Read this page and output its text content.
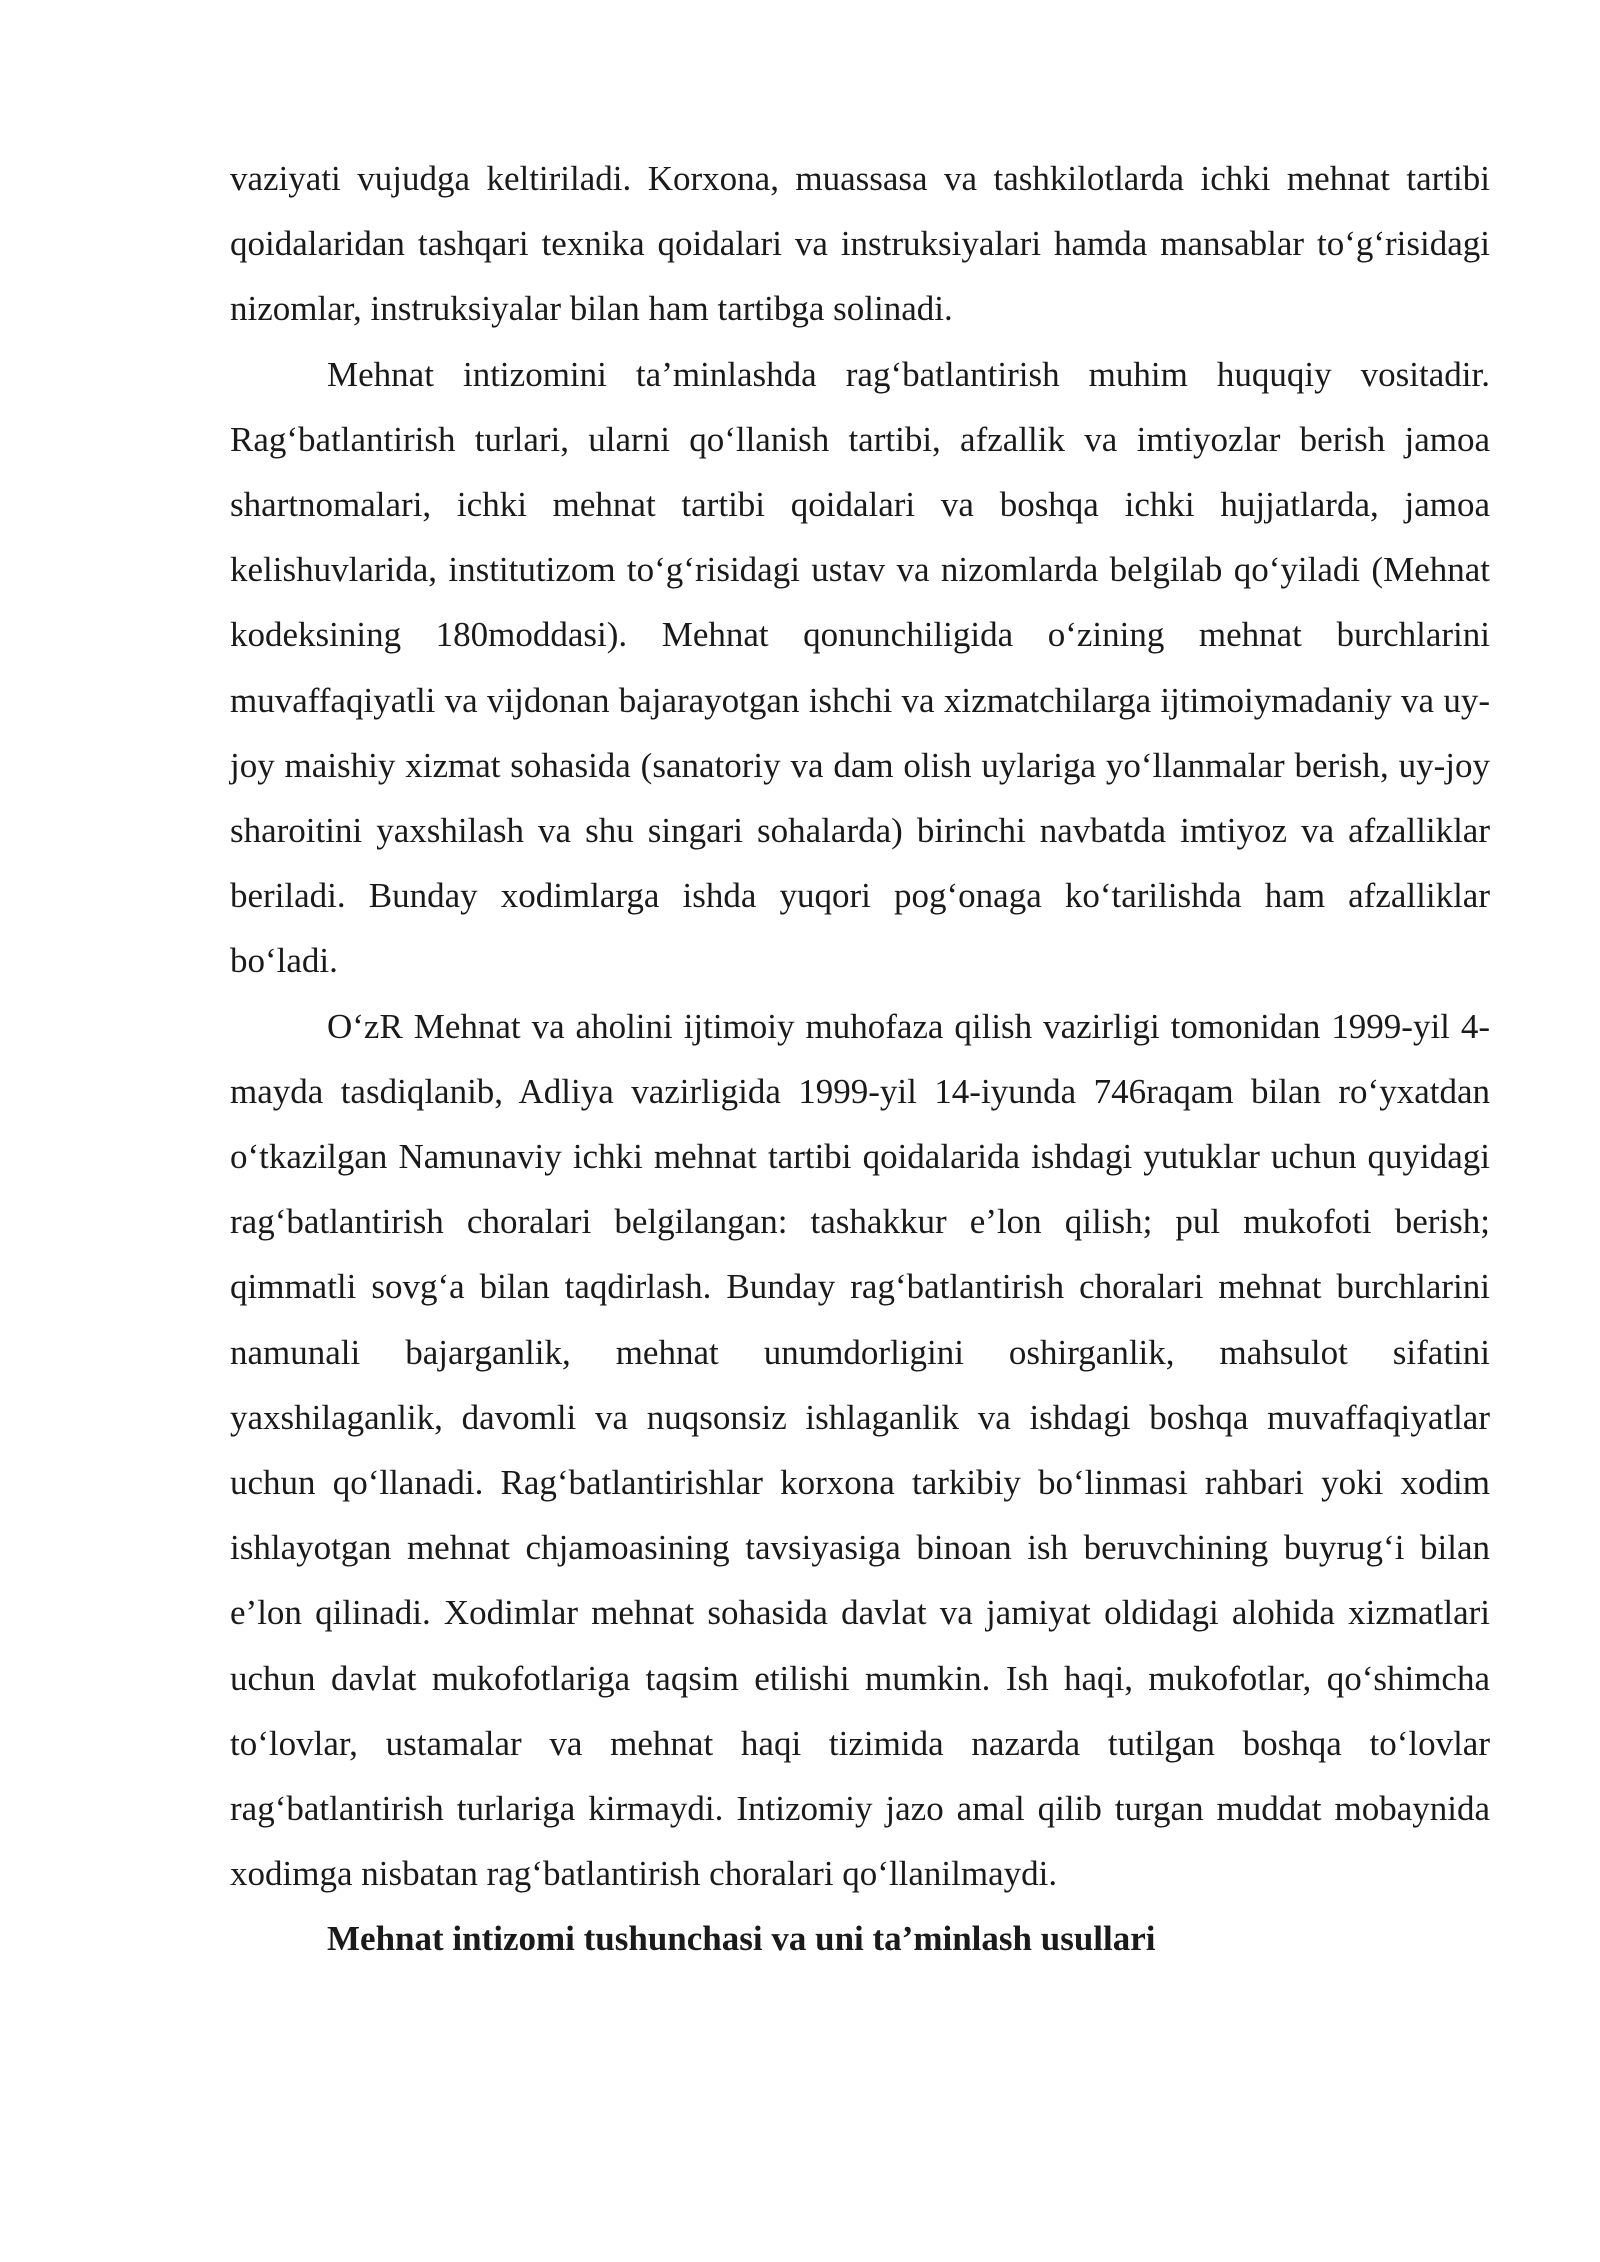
vaziyati vujudga keltiriladi. Korxona, muassasa va tashkilotlarda ichki mehnat tartibi qoidalaridan tashqari texnika qoidalari va instruksiyalari hamda mansablar to‘g‘risidagi nizomlar, instruksiyalar bilan ham tartibga solinadi.

Mehnat intizomini ta’minlashda rag‘batlantirish muhim huquqiy vositadir. Rag‘batlantirish turlari, ularni qo‘llanish tartibi, afzallik va imtiyozlar berish jamoa shartnomalari, ichki mehnat tartibi qoidalari va boshqa ichki hujjatlarda, jamoa kelishuvlarida, institutizom to‘g‘risidagi ustav va nizomlarda belgilab qo‘yiladi (Mehnat kodeksining 180moddasi). Mehnat qonunchiligida o‘zining mehnat burchlarini muvaffaqiyatli va vijdonan bajarayotgan ishchi va xizmatchilarga ijtimoiymadaniy va uy-joy maishiy xizmat sohasida (sanatoriy va dam olish uylariga yo‘llanmalar berish, uy-joy sharoitini yaxshilash va shu singari sohalarda) birinchi navbatda imtiyoz va afzalliklar beriladi. Bunday xodimlarga ishda yuqori pog‘onaga ko‘tarilishda ham afzalliklar bo‘ladi.

O‘zR Mehnat va aholini ijtimoiy muhofaza qilish vazirligi tomonidan 1999-yil 4-mayda tasdiqlanib, Adliya vazirligida 1999-yil 14-iyunda 746raqam bilan ro‘yxatdan o‘tkazilgan Namunaviy ichki mehnat tartibi qoidalarida ishdagi yutuklar uchun quyidagi rag‘batlantirish choralari belgilangan: tashakkur e’lon qilish; pul mukofoti berish; qimmatli sovg‘a bilan taqdirlash. Bunday rag‘batlantirish choralari mehnat burchlarini namunali bajarganlik, mehnat unumdorligini oshirganlik, mahsulot sifatini yaxshilaganlik, davomli va nuqsonsiz ishlaganlik va ishdagi boshqa muvaffaqiyatlar uchun qo‘llanadi. Rag‘batlantirishlar korxona tarkibiy bo‘linmasi rahbari yoki xodim ishlayotgan mehnat chjamoasining tavsiyasiga binoan ish beruvchining buyrug‘i bilan e’lon qilinadi. Xodimlar mehnat sohasida davlat va jamiyat oldidagi alohida xizmatlari uchun davlat mukofotlariga taqsim etilishi mumkin. Ish haqi, mukofotlar, qo‘shimcha to‘lovlar, ustamalar va mehnat haqi tizimida nazarda tutilgan boshqa to‘lovlar rag‘batlantirish turlariga kirmaydi. Intizomiy jazo amal qilib turgan muddat mobaynida xodimga nisbatan rag‘batlantirish choralari qo‘llanilmaydi.

Mehnat intizomi tushunchasi va uni ta’minlash usullari
